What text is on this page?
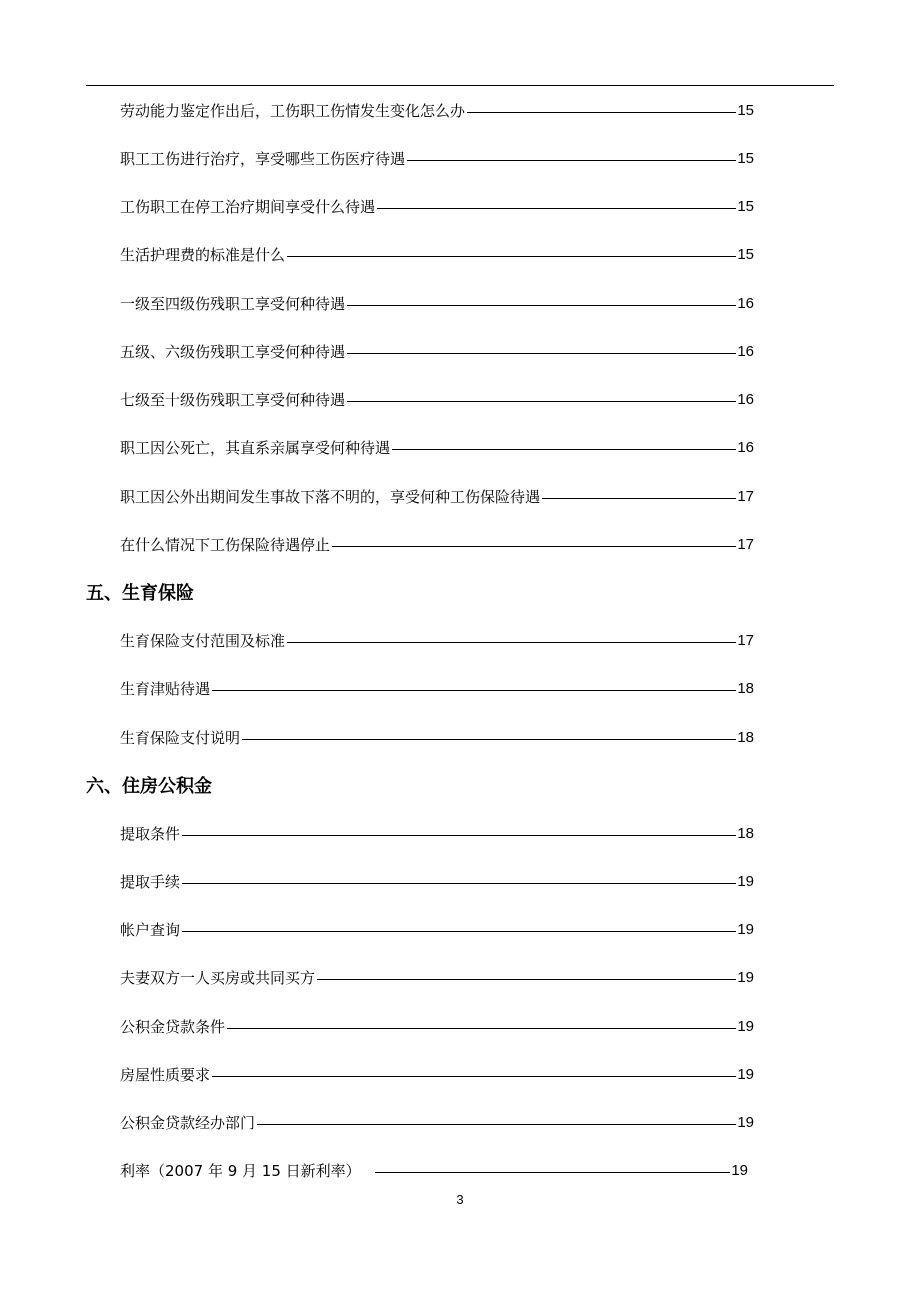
劳动能力鉴定作出后，工伤职工伤情发生变化怎么办	15
职工工伤进行治疗，享受哪些工伤医疗待遇	15
工伤职工在停工治疗期间享受什么待遇	15
生活护理费的标准是什么	15
一级至四级伤残职工享受何种待遇	16
五级、六级伤残职工享受何种待遇	16
七级至十级伤残职工享受何种待遇	16
职工因公死亡，其直系亲属享受何种待遇	16
职工因公外出期间发生事故下落不明的，享受何种工伤保险待遇	17
在什么情况下工伤保险待遇停止	17
五、生育保险
生育保险支付范围及标准	17
生育津贴待遇	18
生育保险支付说明	18
六、住房公积金
提取条件	18
提取手续	19
帐户查询	19
夫妻双方一人买房或共同买方	19
公积金贷款条件	19
房屋性质要求	19
公积金贷款经办部门	19
利率（2007 年 9 月 15 日新利率）	19
3
